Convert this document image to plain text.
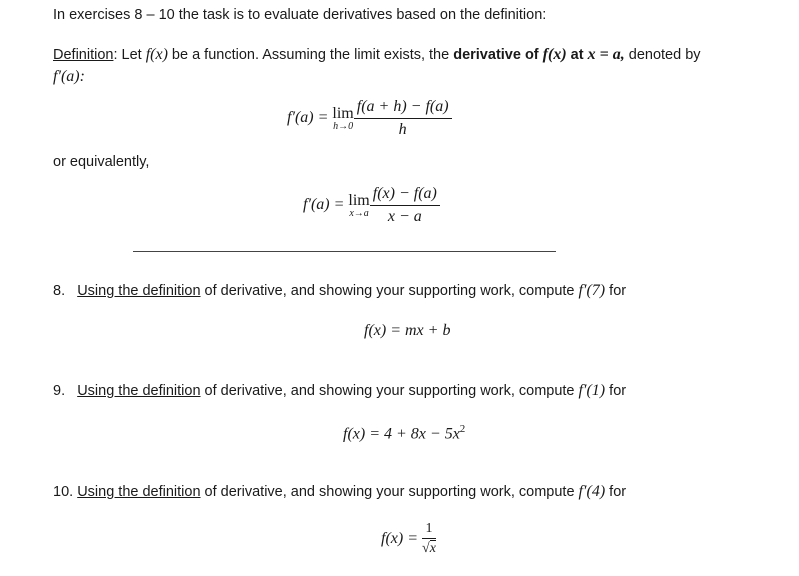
In exercises 8 – 10 the task is to evaluate derivatives based on the definition:
Definition: Let f(x) be a function. Assuming the limit exists, the derivative of f(x) at x = a, denoted by
f′(a):
f′(a) = lim
$h\to 0 \frac{f(a + h) - f(a)}{h}$
or equivalently,
f′(a) = lim
$x\to a \frac{f(x) - f(a)}{x - a}$
8. Using the definition of derivative, and showing your supporting work, compute f′(7) for
f(x) = mx + b
9. Using the definition of derivative, and showing your supporting work, compute f′(1) for
$f(x) = 4 + 8x - 5x^2$
10. Using the definition of derivative, and showing your supporting work, compute f′(4) for
$f(x) = \frac{1}{√x}$
